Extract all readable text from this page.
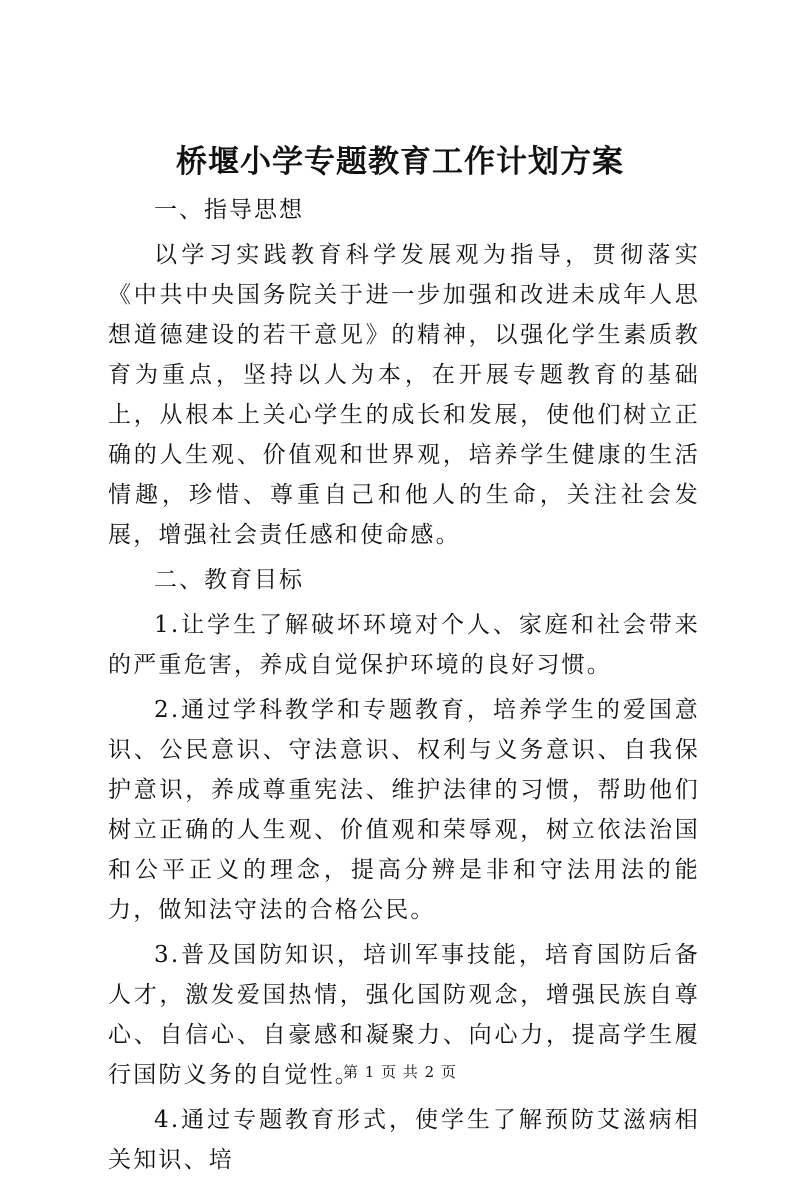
桥堰小学专题教育工作计划方案
一、指导思想
以学习实践教育科学发展观为指导，贯彻落实《中共中央国务院关于进一步加强和改进未成年人思想道德建设的若干意见》的精神，以强化学生素质教育为重点，坚持以人为本，在开展专题教育的基础上，从根本上关心学生的成长和发展，使他们树立正确的人生观、价值观和世界观，培养学生健康的生活情趣，珍惜、尊重自己和他人的生命，关注社会发展，增强社会责任感和使命感。
二、教育目标
1.让学生了解破坏环境对个人、家庭和社会带来的严重危害，养成自觉保护环境的良好习惯。
2.通过学科教学和专题教育，培养学生的爱国意识、公民意识、守法意识、权利与义务意识、自我保护意识，养成尊重宪法、维护法律的习惯，帮助他们树立正确的人生观、价值观和荣辱观，树立依法治国和公平正义的理念，提高分辨是非和守法用法的能力，做知法守法的合格公民。
3.普及国防知识，培训军事技能，培育国防后备人才，激发爱国热情，强化国防观念，增强民族自尊心、自信心、自豪感和凝聚力、向心力，提高学生履行国防义务的自觉性。
4.通过专题教育形式，使学生了解预防艾滋病相关知识、培
第 1 页 共 2 页
